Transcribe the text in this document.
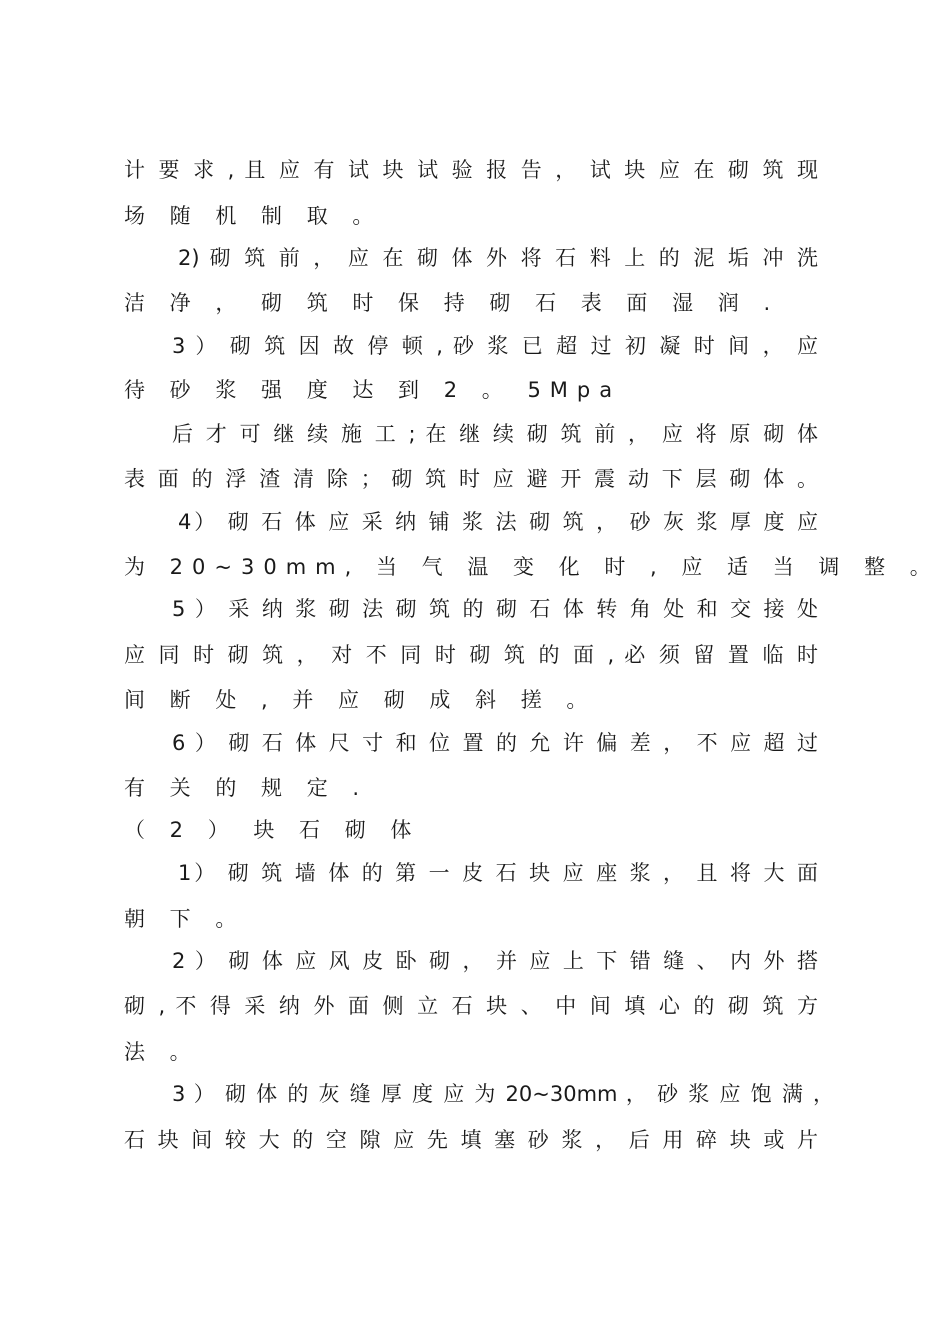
计 要 求 , 且 应 有 试 块 试 验 报 告 ， 试 块 应 在 砌 筑 现
场 随 机 制 取 。
2) 砌 筑 前 ， 应 在 砌 体 外 将 石 料 上 的 泥 垢 冲 洗
洁 净 ， 砌 筑 时 保 持 砌 石 表 面 湿 润 .
3 ） 砌 筑 因 故 停 顿 , 砂 浆 已 超 过 初 凝 时 间 ， 应
待 砂 浆 强 度 达 到 2 。 5Mpa
后 才 可 继 续 施 工 ; 在 继 续 砌 筑 前 ， 应 将 原 砌 体
表 面 的 浮 渣 清 除 ； 砌 筑 时 应 避 开 震 动 下 层 砌 体 。
4） 砌 石 体 应 采 纳 铺 浆 法 砌 筑 ， 砂 灰 浆 厚 度 应
为 20~30mm, 当 气 温 变 化 时 , 应 适 当 调 整 。
5 ） 采 纳 浆 砌 法 砌 筑 的 砌 石 体 转 角 处 和 交 接 处
应 同 时 砌 筑 ， 对 不 同 时 砌 筑 的 面 , 必 须 留 置 临 时
间 断 处 , 并 应 砌 成 斜 搓 。
6 ） 砌 石 体 尺 寸 和 位 置 的 允 许 偏 差 ， 不 应 超 过
有 关 的 规 定 .
（ 2 ） 块 石 砌 体
1） 砌 筑 墙 体 的 第 一 皮 石 块 应 座 浆 ， 且 将 大 面
朝 下 。
2 ） 砌 体 应 风 皮 卧 砌 ， 并 应 上 下 错 缝 、 内 外 搭
砌 , 不 得 采 纳 外 面 侧 立 石 块 、 中 间 填 心 的 砌 筑 方
法 。
3 ） 砌 体 的 灰 缝 厚 度 应 为 20~30mm ， 砂 浆 应 饱 满 ，
石 块 间 较 大 的 空 隙 应 先 填 塞 砂 浆 ， 后 用 碎 块 或 片
